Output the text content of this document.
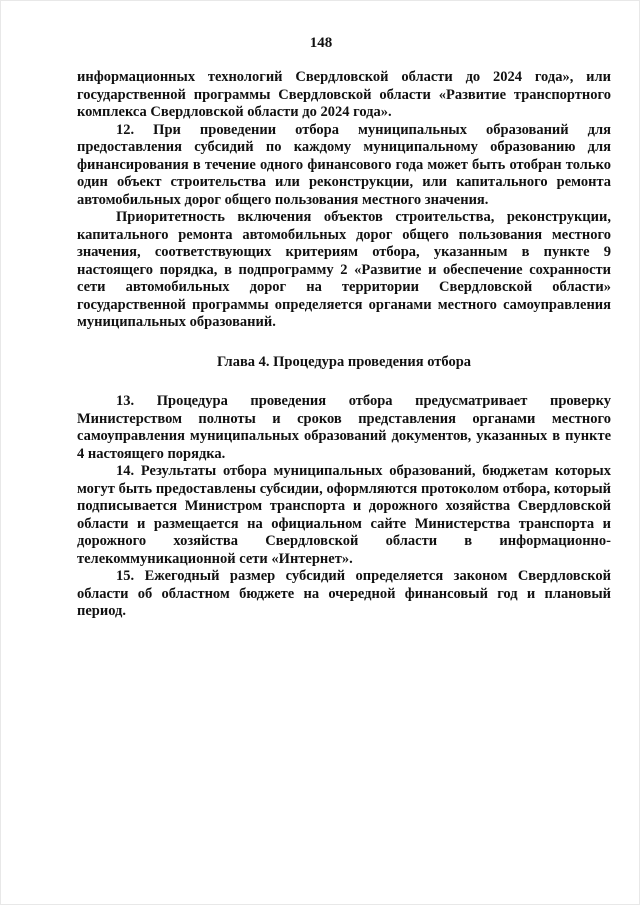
148

информационных технологий Свердловской области до 2024 года», или государственной программы Свердловской области «Развитие транспортного комплекса Свердловской области до 2024 года».

12. При проведении отбора муниципальных образований для предоставления субсидий по каждому муниципальному образованию для финансирования в течение одного финансового года может быть отобран только один объект строительства или реконструкции, или капитального ремонта автомобильных дорог общего пользования местного значения.

Приоритетность включения объектов строительства, реконструкции, капитального ремонта автомобильных дорог общего пользования местного значения, соответствующих критериям отбора, указанным в пункте 9 настоящего порядка, в подпрограмму 2 «Развитие и обеспечение сохранности сети автомобильных дорог на территории Свердловской области» государственной программы определяется органами местного самоуправления муниципальных образований.

Глава 4. Процедура проведения отбора

13. Процедура проведения отбора предусматривает проверку Министерством полноты и сроков представления органами местного самоуправления муниципальных образований документов, указанных в пункте 4 настоящего порядка.

14. Результаты отбора муниципальных образований, бюджетам которых могут быть предоставлены субсидии, оформляются протоколом отбора, который подписывается Министром транспорта и дорожного хозяйства Свердловской области и размещается на официальном сайте Министерства транспорта и дорожного хозяйства Свердловской области в информационно-телекоммуникационной сети «Интернет».

15. Ежегодный размер субсидий определяется законом Свердловской области об областном бюджете на очередной финансовый год и плановый период.
